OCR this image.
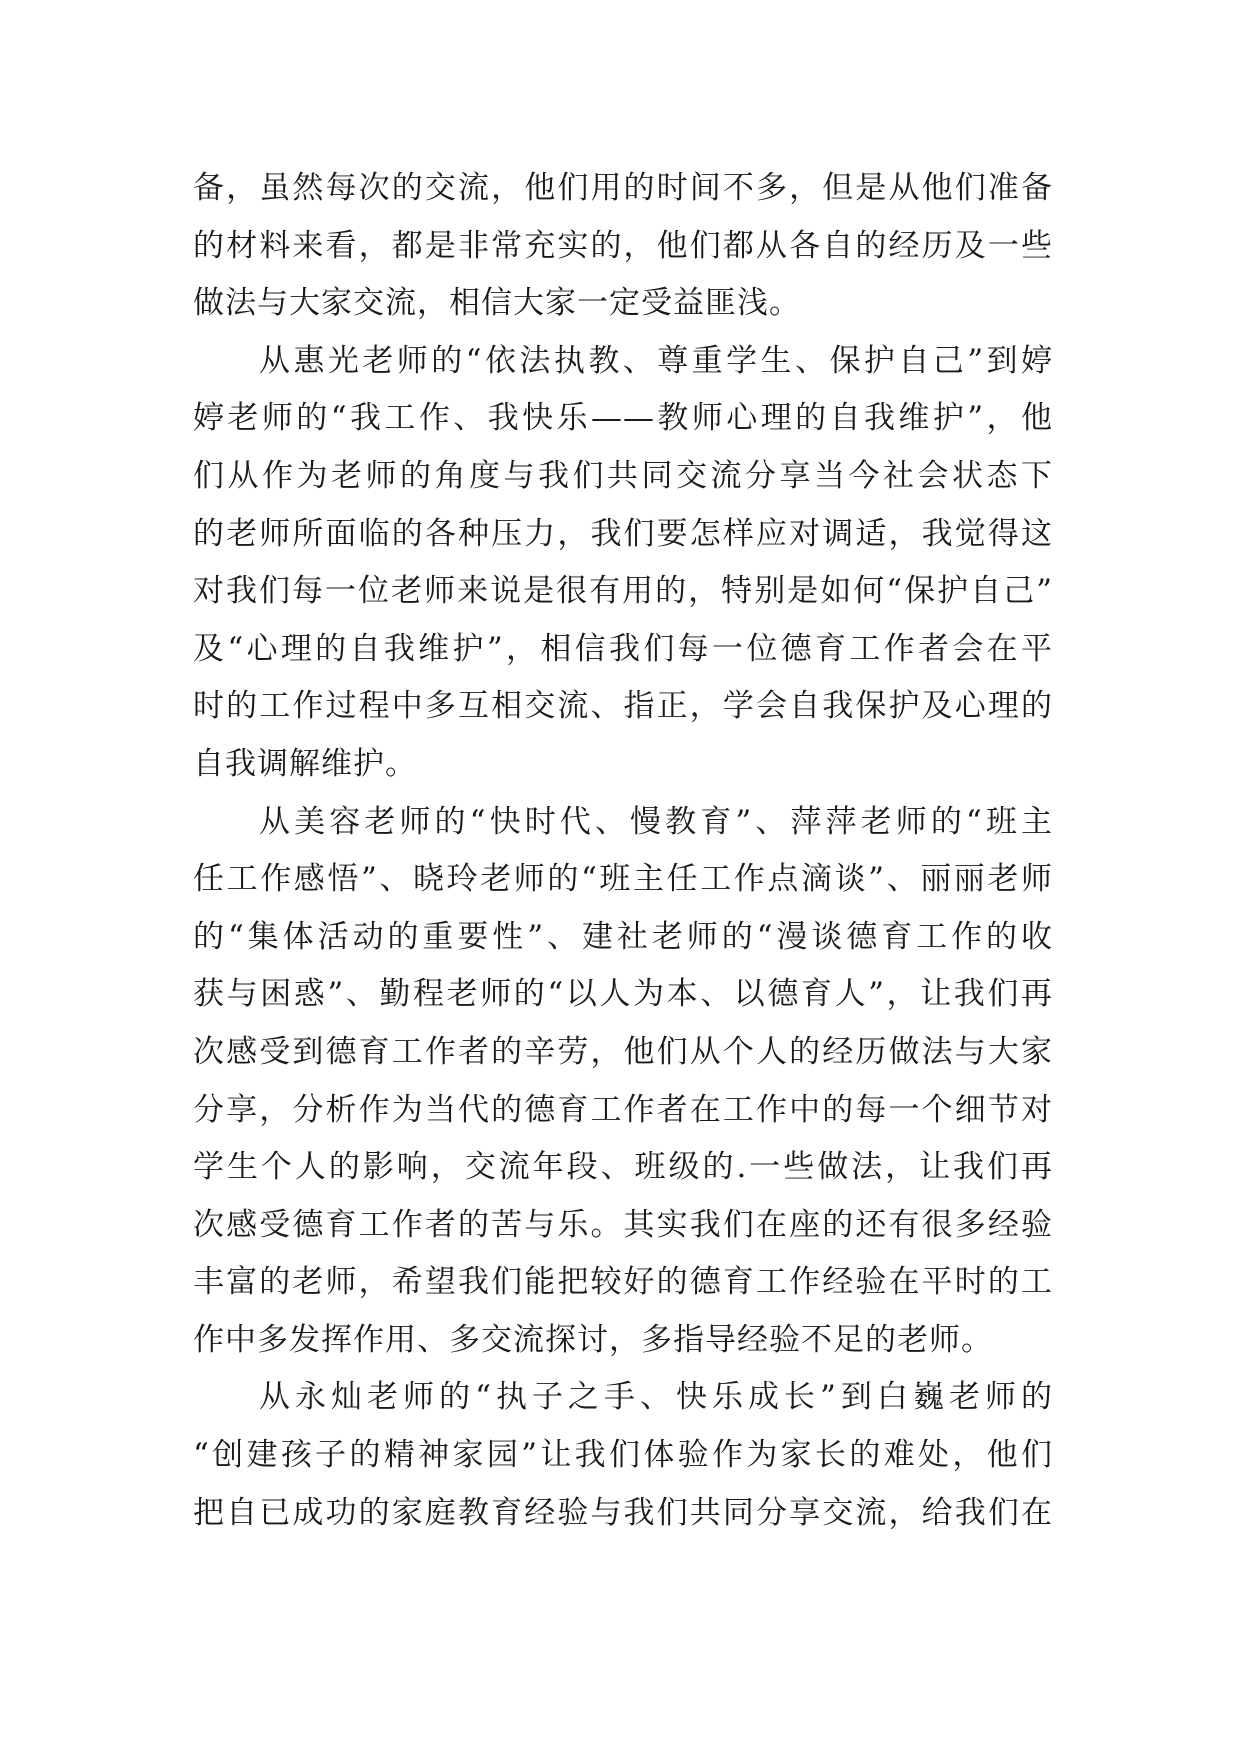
备，虽然每次的交流，他们用的时间不多，但是从他们准备
的材料来看，都是非常充实的，他们都从各自的经历及一些
做法与大家交流，相信大家一定受益匪浅。
从惠光老师的“依法执教、尊重学生、保护自己”到婷
婷老师的“我工作、我快乐——教师心理的自我维护”，他
们从作为老师的角度与我们共同交流分享当今社会状态下
的老师所面临的各种压力，我们要怎样应对调适，我觉得这
对我们每一位老师来说是很有用的，特别是如何“保护自己”
及“心理的自我维护”，相信我们每一位德育工作者会在平
时的工作过程中多互相交流、指正，学会自我保护及心理的
自我调解维护。
从美容老师的“快时代、慢教育”、萍萍老师的“班主
任工作感悟”、晓玲老师的“班主任工作点滴谈”、丽丽老师
的“集体活动的重要性”、建社老师的“漫谈德育工作的收
获与困惑”、勤程老师的“以人为本、以德育人”，让我们再
次感受到德育工作者的辛劳，他们从个人的经历做法与大家
分享，分析作为当代的德育工作者在工作中的每一个细节对
学生个人的影响，交流年段、班级的.一些做法，让我们再
次感受德育工作者的苦与乐。其实我们在座的还有很多经验
丰富的老师，希望我们能把较好的德育工作经验在平时的工
作中多发挥作用、多交流探讨，多指导经验不足的老师。
从永灿老师的“执子之手、快乐成长”到白巍老师的
“创建孩子的精神家园”让我们体验作为家长的难处，他们
把自已成功的家庭教育经验与我们共同分享交流，给我们在
